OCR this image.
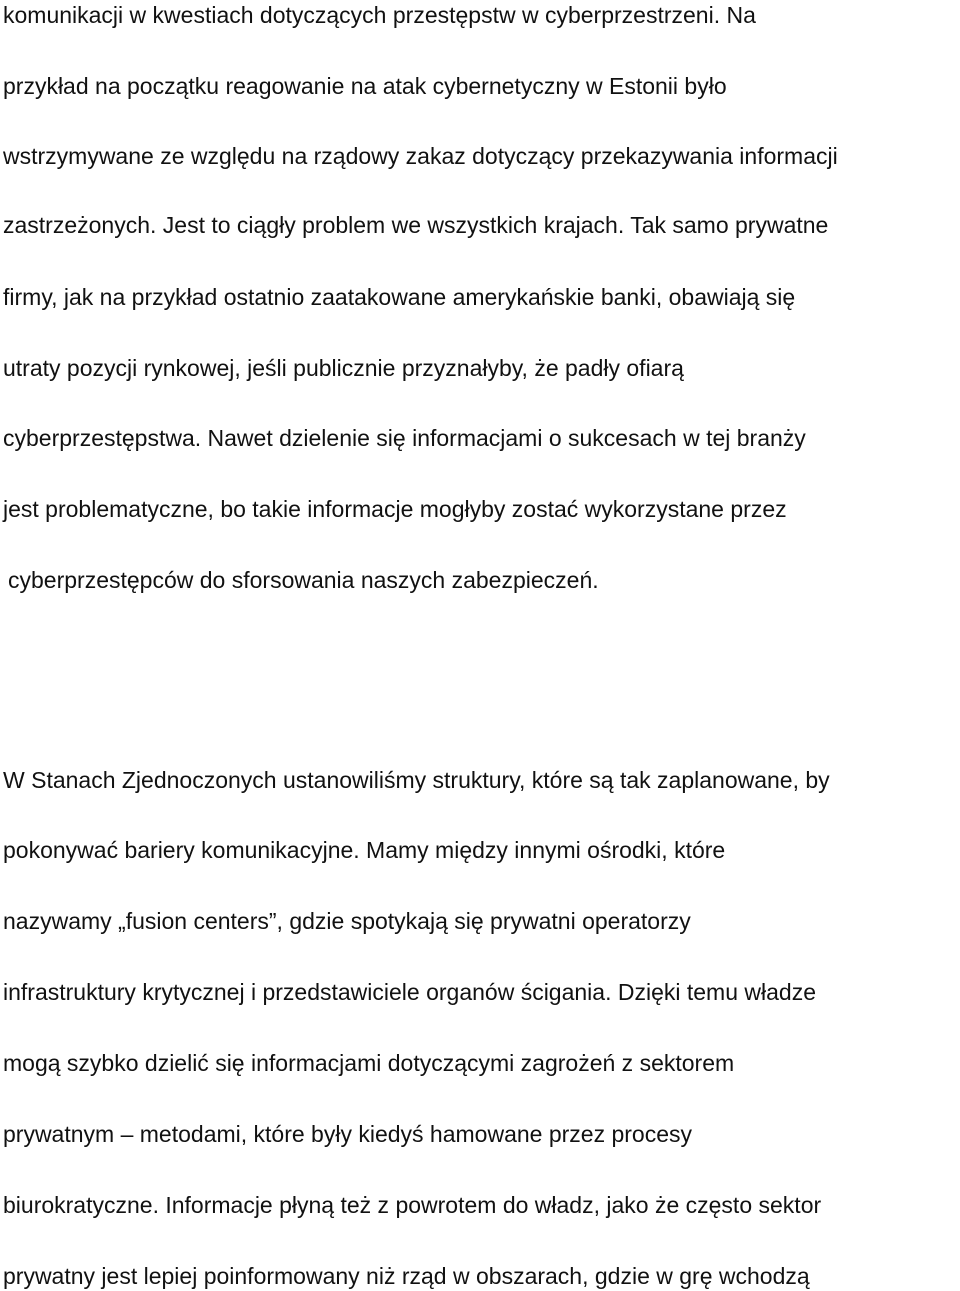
komunikacji w kwestiach dotyczących przestępstw w cyberprzestrzeni. Na
przykład na początku reagowanie na atak cybernetyczny w Estonii było
wstrzymywane ze względu na rządowy zakaz dotyczący przekazywania informacji
zastrzeżonych. Jest to ciągły problem we wszystkich krajach. Tak samo prywatne
firmy, jak na przykład ostatnio zaatakowane amerykańskie banki, obawiają się
utraty pozycji rynkowej, jeśli publicznie przyznałyby, że padły ofiarą
cyberprzestępstwa. Nawet dzielenie się informacjami o sukcesach w tej branży
jest problematyczne, bo takie informacje mogłyby zostać wykorzystane przez
cyberprzestępców do sforsowania naszych zabezpieczeń.
W Stanach Zjednoczonych ustanowiliśmy struktury, które są tak zaplanowane, by
pokonywać bariery komunikacyjne. Mamy między innymi ośrodki, które
nazywamy „fusion centers”, gdzie spotykają się prywatni operatorzy
infrastruktury krytycznej i przedstawiciele organów ścigania. Dzięki temu władze
mogą szybko dzielić się informacjami dotyczącymi zagrożeń z sektorem
prywatnym – metodami, które były kiedyś hamowane przez procesy
biurokratyczne. Informacje płyną też z powrotem do władz, jako że często sektor
prywatny jest lepiej poinformowany niż rząd w obszarach, gdzie w grę wchodzą
